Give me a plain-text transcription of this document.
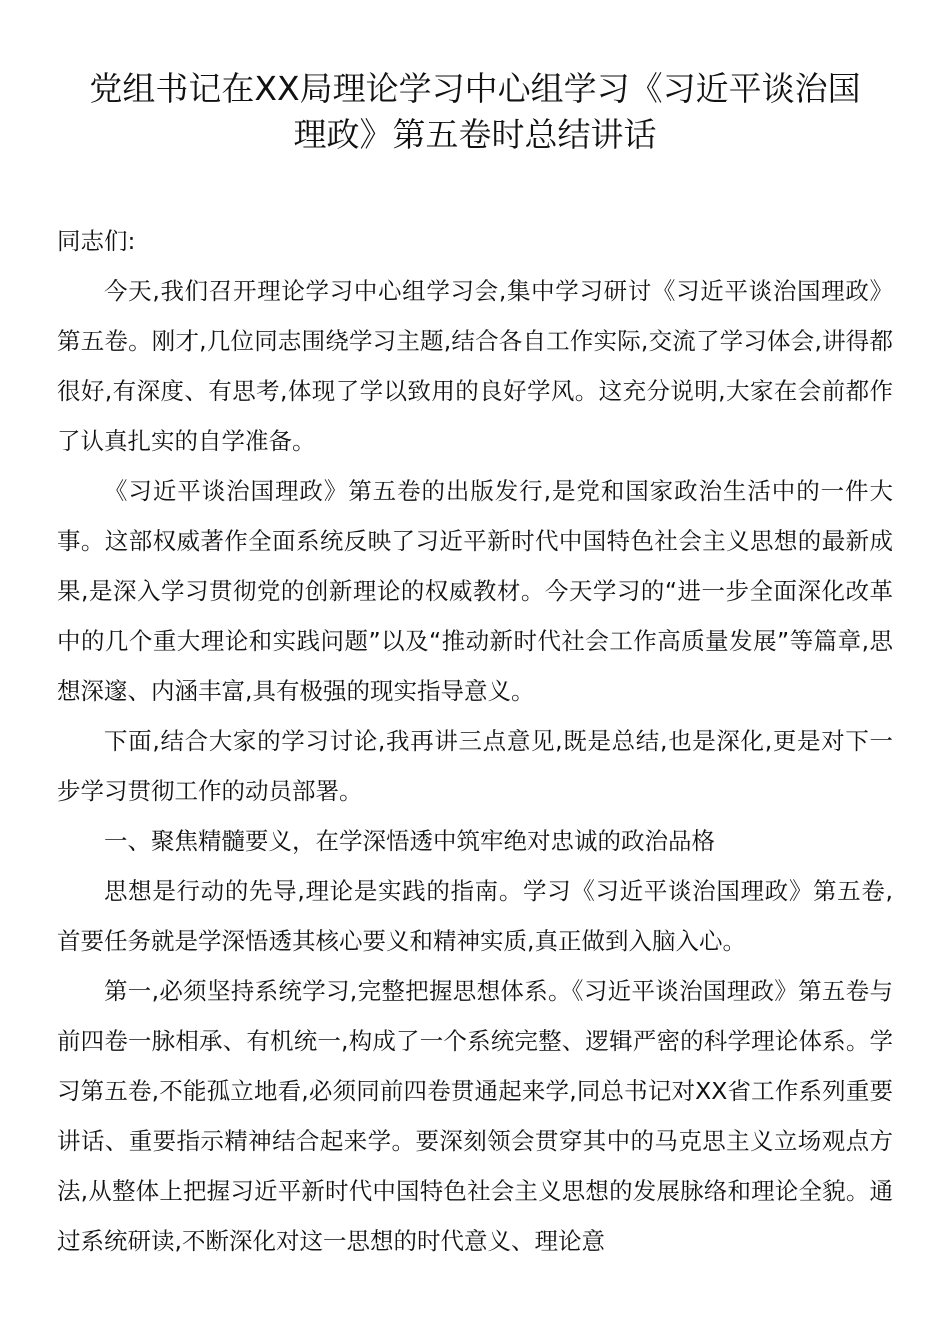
党组书记在XX局理论学习中心组学习《习近平谈治国
理政》第五卷时总结讲话

同志们:

今天,我们召开理论学习中心组学习会,集中学习研讨《习近平谈治国理政》第五卷。刚才,几位同志围绕学习主题,结合各自工作实际,交流了学习体会,讲得都很好,有深度、有思考,体现了学以致用的良好学风。这充分说明,大家在会前都作了认真扎实的自学准备。

《习近平谈治国理政》第五卷的出版发行,是党和国家政治生活中的一件大事。这部权威著作全面系统反映了习近平新时代中国特色社会主义思想的最新成果,是深入学习贯彻党的创新理论的权威教材。今天学习的“进一步全面深化改革中的几个重大理论和实践问题”以及“推动新时代社会工作高质量发展”等篇章,思想深邃、内涵丰富,具有极强的现实指导意义。

下面,结合大家的学习讨论,我再讲三点意见,既是总结,也是深化,更是对下一步学习贯彻工作的动员部署。

一、聚焦精髓要义，在学深悟透中筑牢绝对忠诚的政治品格

思想是行动的先导,理论是实践的指南。学习《习近平谈治国理政》第五卷,首要任务就是学深悟透其核心要义和精神实质,真正做到入脑入心。

第一,必须坚持系统学习,完整把握思想体系。《习近平谈治国理政》第五卷与前四卷一脉相承、有机统一,构成了一个系统完整、逻辑严密的科学理论体系。学习第五卷,不能孤立地看,必须同前四卷贯通起来学,同总书记对XX省工作系列重要讲话、重要指示精神结合起来学。要深刻领会贯穿其中的马克思主义立场观点方法,从整体上把握习近平新时代中国特色社会主义思想的发展脉络和理论全貌。通过系统研读,不断深化对这一思想的时代意义、理论意
